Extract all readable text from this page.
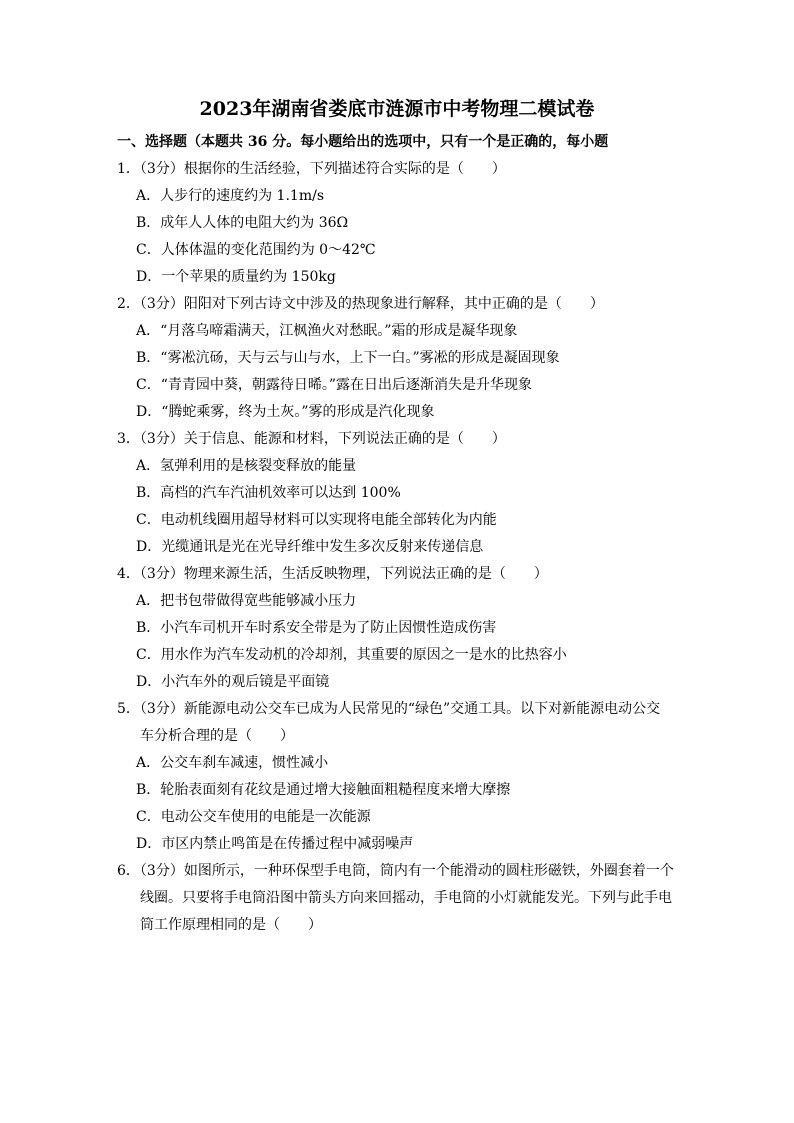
2023年湖南省娄底市涟源市中考物理二模试卷
一、选择题（本题共 36 分。每小题给出的选项中，只有一个是正确的，每小题
1．（3分）根据你的生活经验，下列描述符合实际的是（　　）
A．人步行的速度约为 1.1m/s
B．成年人人体的电阻大约为 36Ω
C．人体体温的变化范围约为 0～42℃
D．一个苹果的质量约为 150kg
2．（3分）阳阳对下列古诗文中涉及的热现象进行解释，其中正确的是（　　）
A．“月落乌啼霜满天，江枫渔火对愁眠。”霜的形成是凝华现象
B．“雾凇沆砀，天与云与山与水，上下一白。”雾凇的形成是凝固现象
C．“青青园中葵，朝露待日晞。”露在日出后逐渐消失是升华现象
D．“腾蛇乘雾，终为土灰。”雾的形成是汽化现象
3．（3分）关于信息、能源和材料，下列说法正确的是（　　）
A．氢弹利用的是核裂变释放的能量
B．高档的汽车汽油机效率可以达到 100%
C．电动机线圈用超导材料可以实现将电能全部转化为内能
D．光缆通讯是光在光导纤维中发生多次反射来传递信息
4．（3分）物理来源生活，生活反映物理，下列说法正确的是（　　）
A．把书包带做得宽些能够减小压力
B．小汽车司机开车时系安全带是为了防止因惯性造成伤害
C．用水作为汽车发动机的冷却剂，其重要的原因之一是水的比热容小
D．小汽车外的观后镜是平面镜
5．（3分）新能源电动公交车已成为人民常见的“绿色”交通工具。以下对新能源电动公交
车分析合理的是（　　）
A．公交车刹车减速，惯性减小
B．轮胎表面刻有花纹是通过增大接触面粗糙程度来增大摩擦
C．电动公交车使用的电能是一次能源
D．市区内禁止鸣笛是在传播过程中减弱噪声
6．（3分）如图所示，一种环保型手电筒，筒内有一个能滑动的圆柱形磁铁，外圈套着一个
线圈。只要将手电筒沿图中箭头方向来回摇动，手电筒的小灯就能发光。下列与此手电
筒工作原理相同的是（　　）
